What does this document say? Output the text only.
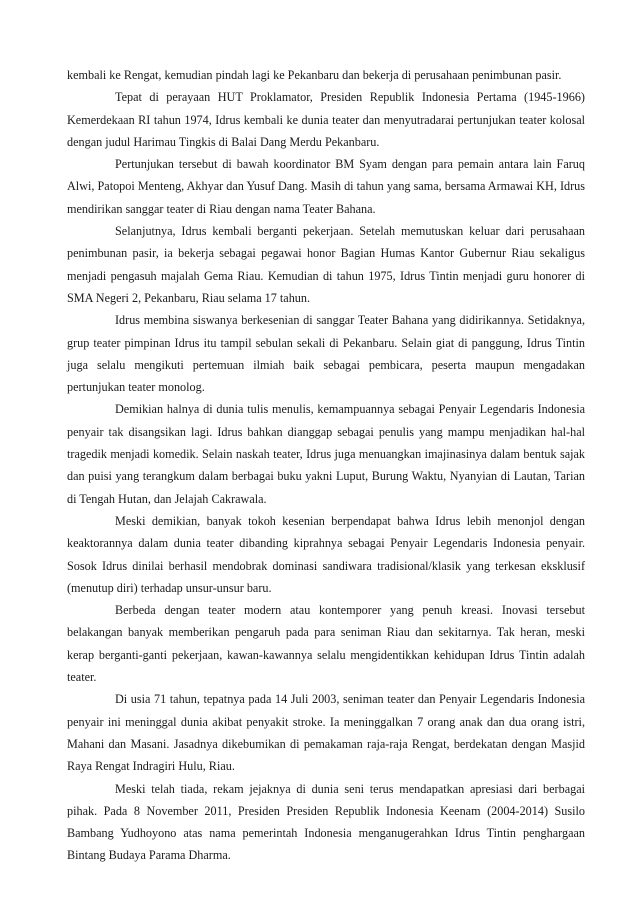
kembali ke Rengat, kemudian pindah lagi ke Pekanbaru dan bekerja di perusahaan penimbunan pasir.

Tepat di perayaan HUT Proklamator, Presiden Republik Indonesia Pertama (1945-1966) Kemerdekaan RI tahun 1974, Idrus kembali ke dunia teater dan menyutradarai pertunjukan teater kolosal dengan judul Harimau Tingkis di Balai Dang Merdu Pekanbaru.

Pertunjukan tersebut di bawah koordinator BM Syam dengan para pemain antara lain Faruq Alwi, Patopoi Menteng, Akhyar dan Yusuf Dang. Masih di tahun yang sama, bersama Armawai KH, Idrus mendirikan sanggar teater di Riau dengan nama Teater Bahana.

Selanjutnya, Idrus kembali berganti pekerjaan. Setelah memutuskan keluar dari perusahaan penimbunan pasir, ia bekerja sebagai pegawai honor Bagian Humas Kantor Gubernur Riau sekaligus menjadi pengasuh majalah Gema Riau. Kemudian di tahun 1975, Idrus Tintin menjadi guru honorer di SMA Negeri 2, Pekanbaru, Riau selama 17 tahun.

Idrus membina siswanya berkesenian di sanggar Teater Bahana yang didirikannya. Setidaknya, grup teater pimpinan Idrus itu tampil sebulan sekali di Pekanbaru. Selain giat di panggung, Idrus Tintin juga selalu mengikuti pertemuan ilmiah baik sebagai pembicara, peserta maupun mengadakan pertunjukan teater monolog.

Demikian halnya di dunia tulis menulis, kemampuannya sebagai Penyair Legendaris Indonesia penyair tak disangsikan lagi. Idrus bahkan dianggap sebagai penulis yang mampu menjadikan hal-hal tragedik menjadi komedik. Selain naskah teater, Idrus juga menuangkan imajinasinya dalam bentuk sajak dan puisi yang terangkum dalam berbagai buku yakni Luput, Burung Waktu, Nyanyian di Lautan, Tarian di Tengah Hutan, dan Jelajah Cakrawala.

Meski demikian, banyak tokoh kesenian berpendapat bahwa Idrus lebih menonjol dengan keaktorannya dalam dunia teater dibanding kiprahnya sebagai Penyair Legendaris Indonesia penyair. Sosok Idrus dinilai berhasil mendobrak dominasi sandiwara tradisional/klasik yang terkesan eksklusif (menutup diri) terhadap unsur-unsur baru.

Berbeda dengan teater modern atau kontemporer yang penuh kreasi. Inovasi tersebut belakangan banyak memberikan pengaruh pada para seniman Riau dan sekitarnya. Tak heran, meski kerap berganti-ganti pekerjaan, kawan-kawannya selalu mengidentikkan kehidupan Idrus Tintin adalah teater.

Di usia 71 tahun, tepatnya pada 14 Juli 2003, seniman teater dan Penyair Legendaris Indonesia penyair ini meninggal dunia akibat penyakit stroke. Ia meninggalkan 7 orang anak dan dua orang istri, Mahani dan Masani. Jasadnya dikebumikan di pemakaman raja-raja Rengat, berdekatan dengan Masjid Raya Rengat Indragiri Hulu, Riau.

Meski telah tiada, rekam jejaknya di dunia seni terus mendapatkan apresiasi dari berbagai pihak. Pada 8 November 2011, Presiden Presiden Republik Indonesia Keenam (2004-2014) Susilo Bambang Yudhoyono atas nama pemerintah Indonesia menganugerahkan Idrus Tintin penghargaan Bintang Budaya Parama Dharma.
